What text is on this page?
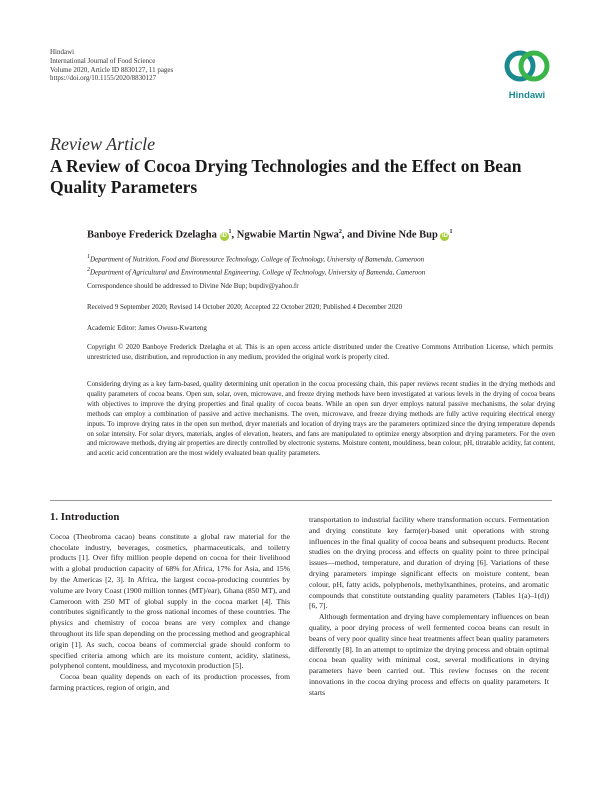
Hindawi
International Journal of Food Science
Volume 2020, Article ID 8830127, 11 pages
https://doi.org/10.1155/2020/8830127
Hindawi
Review Article
A Review of Cocoa Drying Technologies and the Effect on Bean Quality Parameters
Banboye Frederick Dzelagha $iD^1$, Ngwabie Martin Ngwa$^2$, and Divine Nde Bup $iD^1$
$^1$Department of Nutrition, Food and Bioresource Technology, College of Technology, University of Bamenda, Cameroon
$^2$Department of Agricultural and Environmental Engineering, College of Technology, University of Bamenda, Cameroon
Correspondence should be addressed to Divine Nde Bup; bupdiv@yahoo.fr
Received 9 September 2020; Revised 14 October 2020; Accepted 22 October 2020; Published 4 December 2020
Academic Editor: James Owusu-Kwarteng
Copyright © 2020 Banboye Frederick Dzelagha et al. This is an open access article distributed under the Creative Commons Attribution License, which permits unrestricted use, distribution, and reproduction in any medium, provided the original work is properly cited.
Considering drying as a key farm-based, quality determining unit operation in the cocoa processing chain, this paper reviews recent studies in the drying methods and quality parameters of cocoa beans. Open sun, solar, oven, microwave, and freeze drying methods have been investigated at various levels in the drying of cocoa beans with objectives to improve the drying properties and final quality of cocoa beans. While an open sun dryer employs natural passive mechanisms, the solar drying methods can employ a combination of passive and active mechanisms. The oven, microwave, and freeze drying methods are fully active requiring electrical energy inputs. To improve drying rates in the open sun method, dryer materials and location of drying trays are the parameters optimized since the drying temperature depends on solar intensity. For solar dryers, materials, angles of elevation, heaters, and fans are manipulated to optimize energy absorption and drying parameters. For the oven and microwave methods, drying air properties are directly controlled by electronic systems. Moisture content, mouldiness, bean colour, pH, titratable acidity, fat content, and acetic acid concentration are the most widely evaluated bean quality parameters.
1. Introduction

Cocoa (Theobroma cacao) beans constitute a global raw material for the chocolate industry, beverages, cosmetics, pharmaceuticals, and toiletry products [1]. Over fifty million people depend on cocoa for their livelihood with a global production capacity of 68% for Africa, 17% for Asia, and 15% by the Americas [2, 3]. In Africa, the largest cocoa-producing countries by volume are Ivory Coast (1900 million tonnes (MT)/ear), Ghana (850 MT), and Cameroon with 250 MT of global supply in the cocoa market [4]. This contributes significantly to the gross national incomes of these countries. The physics and chemistry of cocoa beans are very complex and change throughout its life span depending on the processing method and geographical origin [1]. As such, cocoa beans of commercial grade should conform to specified criteria among which are its moisture content, acidity, slatiness, polyphenol content, mouldiness, and mycotoxin production [5].

Cocoa bean quality depends on each of its production processes, from farming practices, region of origin, and

transportation to industrial facility where transformation occurs. Fermentation and drying constitute key farm(er)-based unit operations with strong influences in the final quality of cocoa beans and subsequent products. Recent studies on the drying process and effects on quality point to three principal issues—method, temperature, and duration of drying [6]. Variations of these drying parameters impinge significant effects on moisture content, bean colour, pH, fatty acids, polyphenols, methylxanthines, proteins, and aromatic compounds that constitute outstanding quality parameters (Tables 1(a)–1(d)) [6, 7].

Although fermentation and drying have complementary influences on bean quality, a poor drying process of well fermented cocoa beans can result in beans of very poor quality since heat treatments affect bean quality parameters differently [8]. In an attempt to optimize the drying process and obtain optimal cocoa bean quality with minimal cost, several modifications in drying parameters have been carried out. This review focuses on the recent innovations in the cocoa drying process and effects on quality parameters. It starts
